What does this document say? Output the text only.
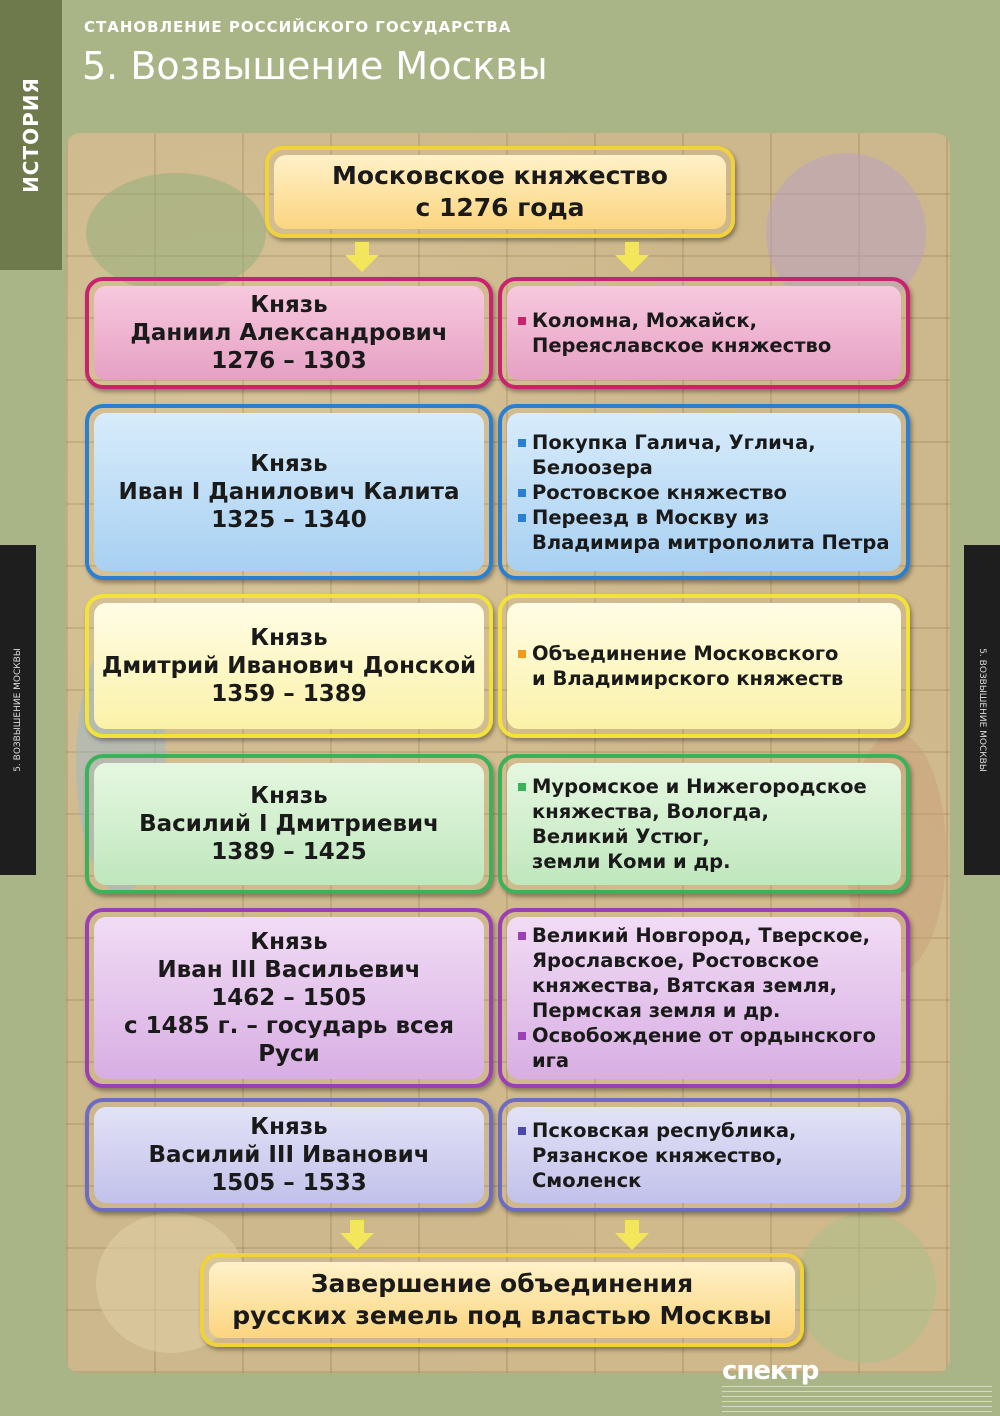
ИСТОРИЯ
5. ВОЗВЫШЕНИЕ МОСКВЫ	5. ВОЗВЫШЕНИЕ МОСКВЫ
СТАНОВЛЕНИЕ РОССИЙСКОГО ГОСУДАРСТВА
5. Возвышение Москвы
Московское княжество
с 1276 года
Князь
Даниил Александрович
1276 – 1303
Коломна, Можайск,
Переяславское княжество
Князь
Иван I Данилович Калита
1325 – 1340
Покупка Галича, Углича,
Белоозера
Ростовское княжество
Переезд в Москву из
Владимира митрополита Петра
Князь
Дмитрий Иванович Донской
1359 – 1389
Объединение Московского
и Владимирского княжеств
Князь
Василий I Дмитриевич
1389 – 1425
Муромское и Нижегородское
княжества, Вологда,
Великий Устюг,
земли Коми и др.
Князь
Иван III Васильевич
1462 – 1505
с 1485 г. – государь всея
Руси
Великий Новгород, Тверское,
Ярославское, Ростовское
княжества, Вятская земля,
Пермская земля и др.
Освобождение от ордынского
ига
Князь
Василий III Иванович
1505 – 1533
Псковская республика,
Рязанское княжество,
Смоленск
Завершение объединения
русских земель под властью Москвы
спектр
